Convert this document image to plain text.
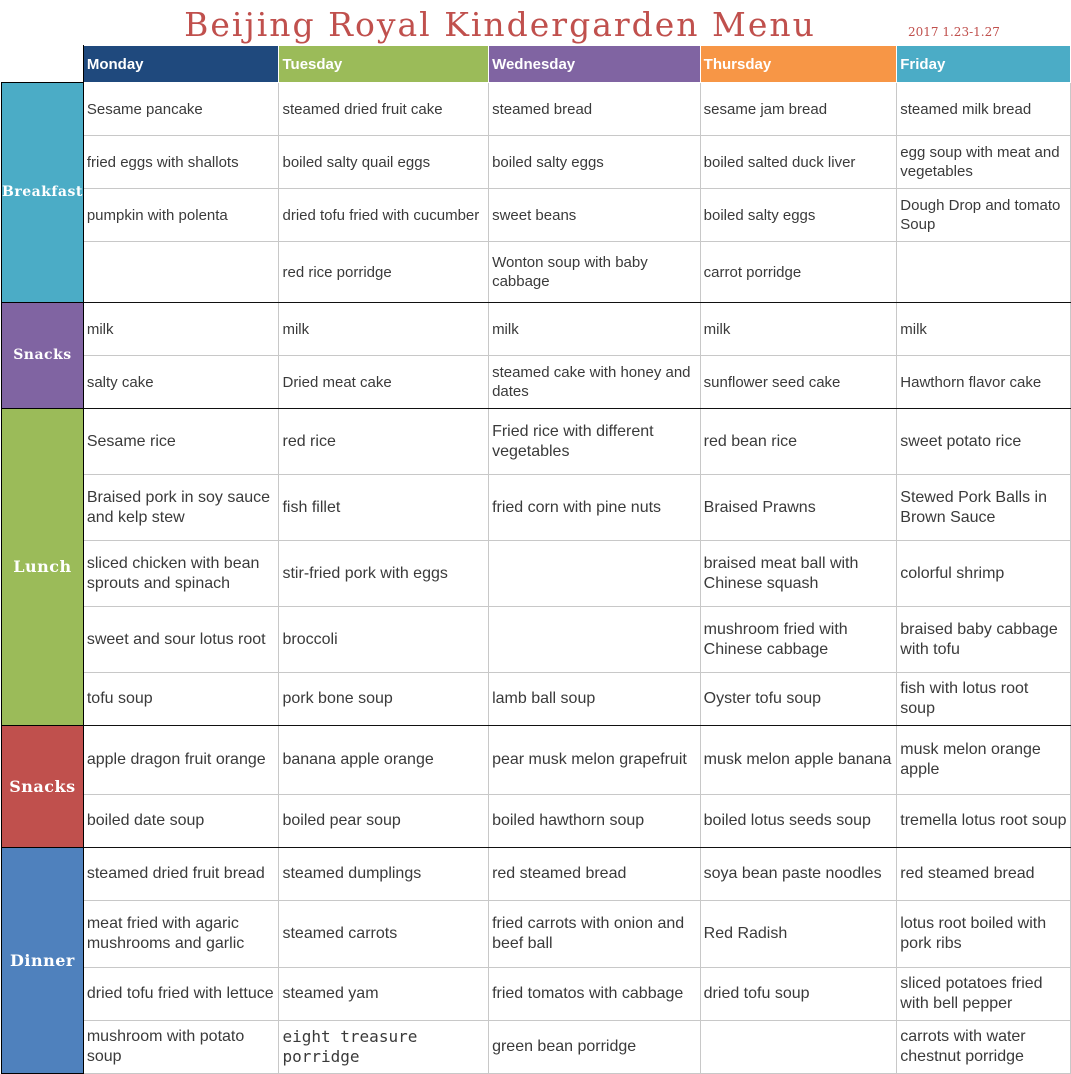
Beijing Royal Kindergarden Menu	2017 1.23-1.27
	Monday	Tuesday	Wednesday	Thursday	Friday
Breakfast	Sesame pancake	steamed dried fruit cake	steamed bread	sesame jam bread	steamed milk bread
	fried eggs with shallots	boiled salty quail eggs	boiled salty eggs	boiled salted duck liver	egg soup with meat and vegetables
	pumpkin with polenta	dried tofu fried with cucumber	sweet beans	boiled salty eggs	Dough Drop and tomato Soup
		red rice porridge	Wonton soup with baby cabbage	carrot porridge	
Snacks	milk	milk	milk	milk	milk
	salty cake	Dried meat cake	steamed cake with honey and dates	sunflower seed cake	Hawthorn flavor cake
Lunch	Sesame rice	red rice	Fried rice with different vegetables	red bean rice	sweet potato rice
	Braised pork in soy sauce and kelp stew	fish fillet	fried corn with pine nuts	Braised Prawns	Stewed Pork Balls in Brown Sauce
	sliced chicken with bean sprouts and spinach	stir-fried pork with eggs		braised meat ball with Chinese squash	colorful shrimp
	sweet and sour lotus root	broccoli		mushroom fried with Chinese cabbage	braised baby cabbage with tofu
	tofu soup	pork bone soup	lamb ball soup	Oyster tofu soup	fish with lotus root soup
Snacks	apple dragon fruit orange	banana apple orange	pear musk melon grapefruit	musk melon apple banana	musk melon orange apple
	boiled date soup	boiled pear soup	boiled hawthorn soup	boiled lotus seeds soup	tremella lotus root soup
Dinner	steamed dried fruit bread	steamed dumplings	red steamed bread	soya bean paste noodles	red steamed bread
	meat fried with agaric mushrooms and garlic	steamed carrots	fried carrots with onion and beef ball	Red Radish	lotus root boiled with pork ribs
	dried tofu fried with lettuce	steamed yam	fried tomatos with cabbage	dried tofu soup	sliced potatoes fried with bell pepper
	mushroom with potato soup	eight treasure porridge	green bean porridge		carrots with water chestnut porridge
